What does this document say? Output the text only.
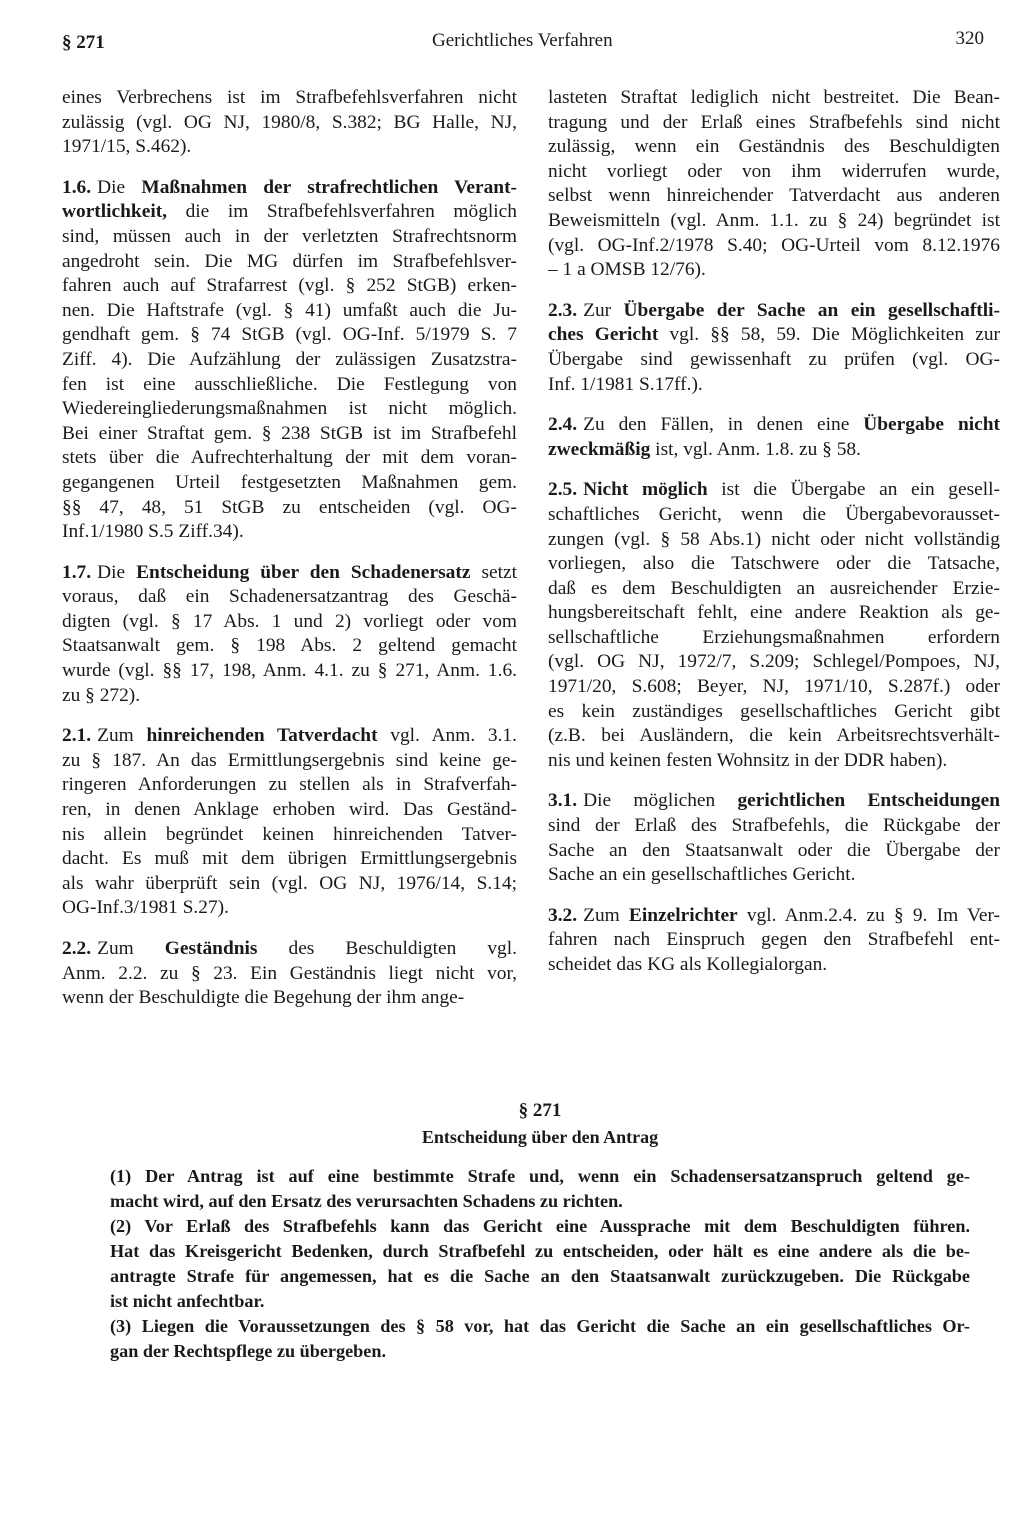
§ 271	Gerichtliches Verfahren	320

eines Verbrechens ist im Strafbefehlsverfahren nicht
zulässig (vgl. OG NJ, 1980/8, S.382; BG Halle, NJ,
1971/15, S.462).

1.6. Die Maßnahmen der strafrechtlichen Verant-
wortlichkeit, die im Strafbefehlsverfahren möglich
sind, müssen auch in der verletzten Strafrechtsnorm
angedroht sein. Die MG dürfen im Strafbefehlsver-
fahren auch auf Strafarrest (vgl. § 252 StGB) erken-
nen. Die Haftstrafe (vgl. § 41) umfaßt auch die Ju-
gendhaft gem. § 74 StGB (vgl. OG-Inf. 5/1979 S. 7
Ziff. 4). Die Aufzählung der zulässigen Zusatzstra-
fen ist eine ausschließliche. Die Festlegung von
Wiedereingliederungsmaßnahmen ist nicht möglich.
Bei einer Straftat gem. § 238 StGB ist im Strafbefehl
stets über die Aufrechterhaltung der mit dem voran-
gegangenen Urteil festgesetzten Maßnahmen gem.
§§ 47, 48, 51 StGB zu entscheiden (vgl. OG-
Inf.1/1980 S.5 Ziff.34).

1.7. Die Entscheidung über den Schadenersatz setzt
voraus, daß ein Schadenersatzantrag des Geschä-
digten (vgl. § 17 Abs. 1 und 2) vorliegt oder vom
Staatsanwalt gem. § 198 Abs. 2 geltend gemacht
wurde (vgl. §§ 17, 198, Anm. 4.1. zu § 271, Anm. 1.6.
zu § 272).

2.1. Zum hinreichenden Tatverdacht vgl. Anm. 3.1.
zu § 187. An das Ermittlungsergebnis sind keine ge-
ringeren Anforderungen zu stellen als in Strafverfah-
ren, in denen Anklage erhoben wird. Das Geständ-
nis allein begründet keinen hinreichenden Tatver-
dacht. Es muß mit dem übrigen Ermittlungsergebnis
als wahr überprüft sein (vgl. OG NJ, 1976/14, S.14;
OG-Inf.3/1981 S.27).

2.2. Zum Geständnis des Beschuldigten vgl.
Anm. 2.2. zu § 23. Ein Geständnis liegt nicht vor,
wenn der Beschuldigte die Begehung der ihm ange-

lasteten Straftat lediglich nicht bestreitet. Die Bean-
tragung und der Erlaß eines Strafbefehls sind nicht
zulässig, wenn ein Geständnis des Beschuldigten
nicht vorliegt oder von ihm widerrufen wurde,
selbst wenn hinreichender Tatverdacht aus anderen
Beweismitteln (vgl. Anm. 1.1. zu § 24) begründet ist
(vgl. OG-Inf.2/1978 S.40; OG-Urteil vom 8.12.1976
– 1 a OMSB 12/76).

2.3. Zur Übergabe der Sache an ein gesellschaftli-
ches Gericht vgl. §§ 58, 59. Die Möglichkeiten zur
Übergabe sind gewissenhaft zu prüfen (vgl. OG-
Inf. 1/1981 S.17ff.).

2.4. Zu den Fällen, in denen eine Übergabe nicht
zweckmäßig ist, vgl. Anm. 1.8. zu § 58.

2.5. Nicht möglich ist die Übergabe an ein gesell-
schaftliches Gericht, wenn die Übergabevorausset-
zungen (vgl. § 58 Abs.1) nicht oder nicht vollständig
vorliegen, also die Tatschwere oder die Tatsache,
daß es dem Beschuldigten an ausreichender Erzie-
hungsbereitschaft fehlt, eine andere Reaktion als ge-
sellschaftliche Erziehungsmaßnahmen erfordern
(vgl. OG NJ, 1972/7, S.209; Schlegel/Pompoes, NJ,
1971/20, S.608; Beyer, NJ, 1971/10, S.287f.) oder
es kein zuständiges gesellschaftliches Gericht gibt
(z.B. bei Ausländern, die kein Arbeitsrechtsverhält-
nis und keinen festen Wohnsitz in der DDR haben).

3.1. Die möglichen gerichtlichen Entscheidungen
sind der Erlaß des Strafbefehls, die Rückgabe der
Sache an den Staatsanwalt oder die Übergabe der
Sache an ein gesellschaftliches Gericht.

3.2. Zum Einzelrichter vgl. Anm.2.4. zu § 9. Im Ver-
fahren nach Einspruch gegen den Strafbefehl ent-
scheidet das KG als Kollegialorgan.

§ 271
Entscheidung über den Antrag
(1) Der Antrag ist auf eine bestimmte Strafe und, wenn ein Schadensersatzanspruch geltend ge-
macht wird, auf den Ersatz des verursachten Schadens zu richten.
(2) Vor Erlaß des Strafbefehls kann das Gericht eine Aussprache mit dem Beschuldigten führen.
Hat das Kreisgericht Bedenken, durch Strafbefehl zu entscheiden, oder hält es eine andere als die be-
antragte Strafe für angemessen, hat es die Sache an den Staatsanwalt zurückzugeben. Die Rückgabe
ist nicht anfechtbar.
(3) Liegen die Voraussetzungen des § 58 vor, hat das Gericht die Sache an ein gesellschaftliches Or-
gan der Rechtspflege zu übergeben.
